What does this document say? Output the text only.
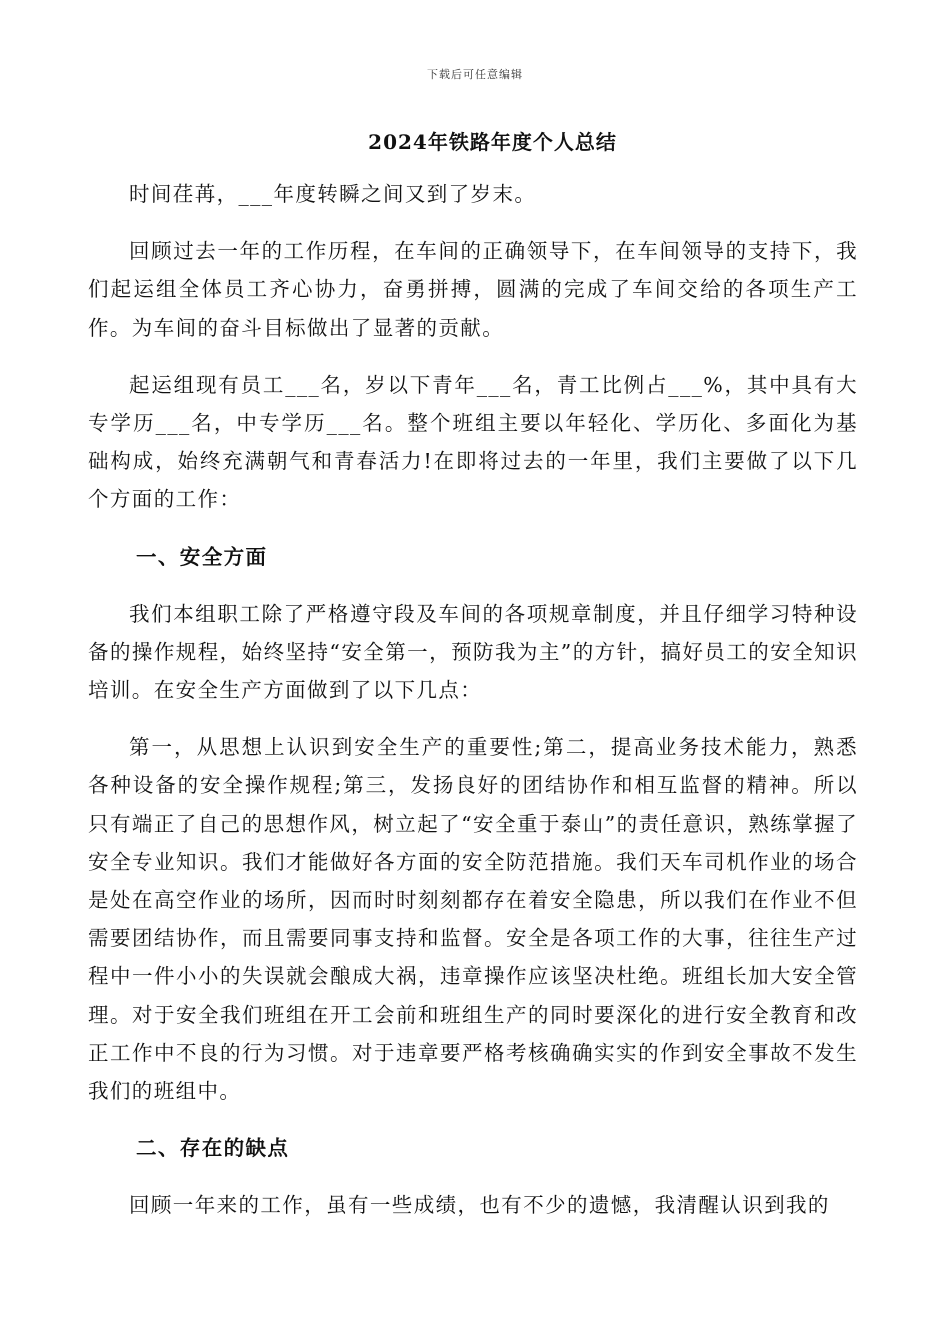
下载后可任意编辑
2024年铁路年度个人总结

时间荏苒，___年度转瞬之间又到了岁末。

回顾过去一年的工作历程，在车间的正确领导下，在车间领导的支持下，我们起运组全体员工齐心协力，奋勇拼搏，圆满的完成了车间交给的各项生产工作。为车间的奋斗目标做出了显著的贡献。

起运组现有员工___名，岁以下青年___名，青工比例占___%，其中具有大专学历___名，中专学历___名。整个班组主要以年轻化、学历化、多面化为基础构成，始终充满朝气和青春活力!在即将过去的一年里，我们主要做了以下几个方面的工作：

一、安全方面

我们本组职工除了严格遵守段及车间的各项规章制度，并且仔细学习特种设备的操作规程，始终坚持“安全第一，预防我为主”的方针，搞好员工的安全知识培训。在安全生产方面做到了以下几点：

第一，从思想上认识到安全生产的重要性;第二，提高业务技术能力，熟悉各种设备的安全操作规程;第三，发扬良好的团结协作和相互监督的精神。所以只有端正了自己的思想作风，树立起了“安全重于泰山”的责任意识，熟练掌握了安全专业知识。我们才能做好各方面的安全防范措施。我们天车司机作业的场合是处在高空作业的场所，因而时时刻刻都存在着安全隐患，所以我们在作业不但需要团结协作，而且需要同事支持和监督。安全是各项工作的大事，往往生产过程中一件小小的失误就会酿成大祸，违章操作应该坚决杜绝。班组长加大安全管理。对于安全我们班组在开工会前和班组生产的同时要深化的进行安全教育和改正工作中不良的行为习惯。对于违章要严格考核确确实实的作到安全事故不发生我们的班组中。

二、存在的缺点

回顾一年来的工作，虽有一些成绩，也有不少的遗憾，我清醒认识到我的
